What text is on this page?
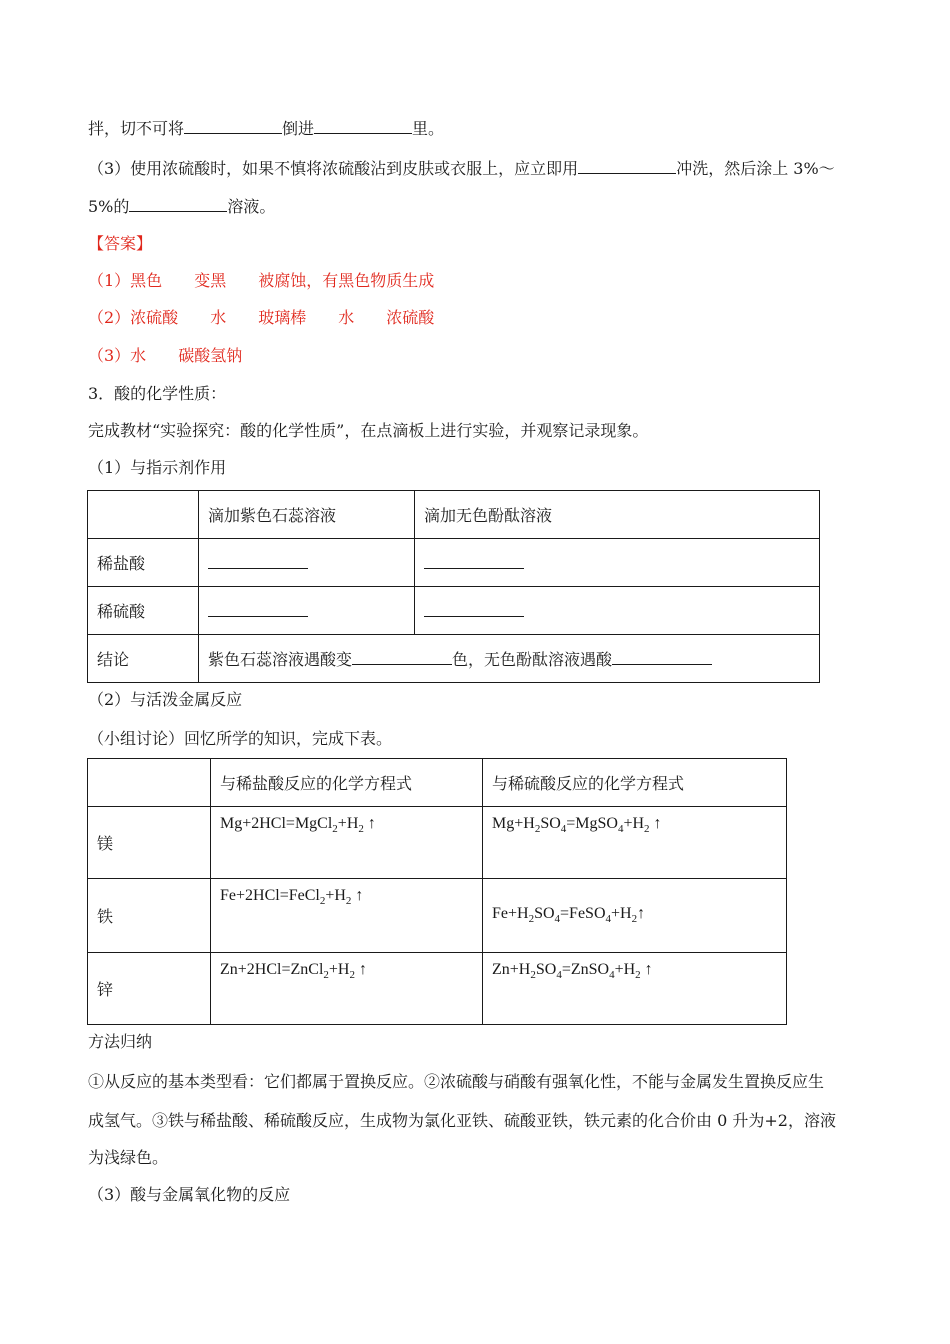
拌，切不可将	倒进	里。
（3）使用浓硫酸时，如果不慎将浓硫酸沾到皮肤或衣服上，应立即用	冲洗，然后涂上 3%～
5%的	溶液。
【答案】
（1）黑色 变黑 被腐蚀，有黑色物质生成
（2）浓硫酸 水 玻璃棒 水 浓硫酸
（3）水 碳酸氢钠
3．酸的化学性质：
完成教材“实验探究：酸的化学性质”，在点滴板上进行实验，并观察记录现象。
（1）与指示剂作用
	滴加紫色石蕊溶液	滴加无色酚酞溶液
稀盐酸		
稀硫酸		
结论	紫色石蕊溶液遇酸变 色，无色酚酞溶液遇酸	
（2）与活泼金属反应
（小组讨论）回忆所学的知识，完成下表。
	与稀盐酸反应的化学方程式	与稀硫酸反应的化学方程式
镁	$Mg+2HCl=MgCl_2+H_2$ ↑	$Mg+H_2SO_4=MgSO_4+H_2$ ↑
铁	$Fe+2HCl=FeCl_2+H_2$ ↑	$Fe+H_2SO_4=FeSO_4+H_2↑$
锌	$Zn+2HCl=ZnCl_2+H_2$ ↑	$Zn+H_2SO_4=ZnSO_4+H_2$ ↑
方法归纳
①从反应的基本类型看：它们都属于置换反应。②浓硫酸与硝酸有强氧化性，不能与金属发生置换反应生
成氢气。③铁与稀盐酸、稀硫酸反应，生成物为氯化亚铁、硫酸亚铁，铁元素的化合价由 0 升为+2，溶液
为浅绿色。
（3）酸与金属氧化物的反应
